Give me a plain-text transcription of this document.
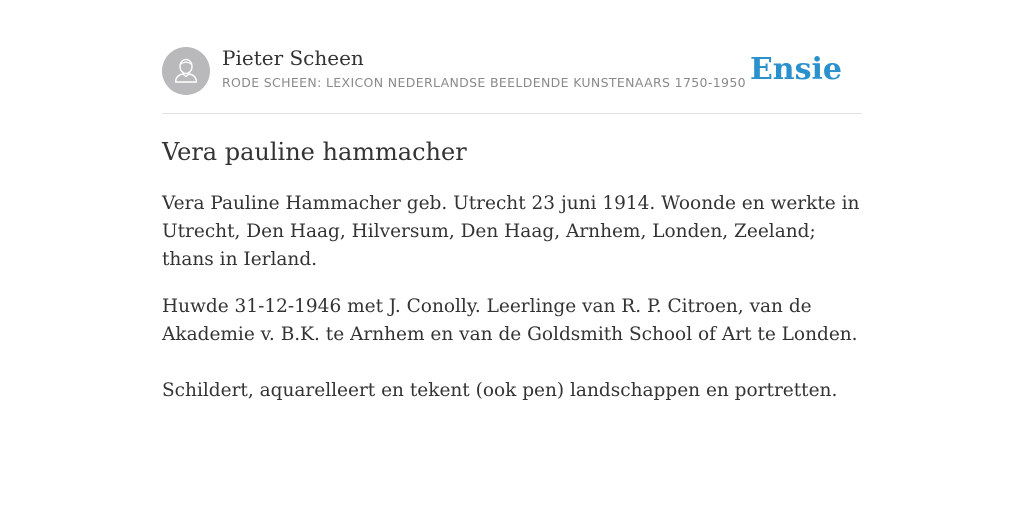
Pieter Scheen
RODE SCHEEN: LEXICON NEDERLANDSE BEELDENDE KUNSTENAARS 1750-1950 Ensie
Vera pauline hammacher

Vera Pauline Hammacher geb. Utrecht 23 juni 1914. Woonde en werkte in Utrecht, Den Haag, Hilversum, Den Haag, Arnhem, Londen, Zeeland; thans in Ierland.

Huwde 31-12-1946 met J. Conolly. Leerlinge van R. P. Citroen, van de Akademie v. B.K. te Arnhem en van de Goldsmith School of Art te Londen.

Schildert, aquarelleert en tekent (ook pen) landschappen en portretten.
